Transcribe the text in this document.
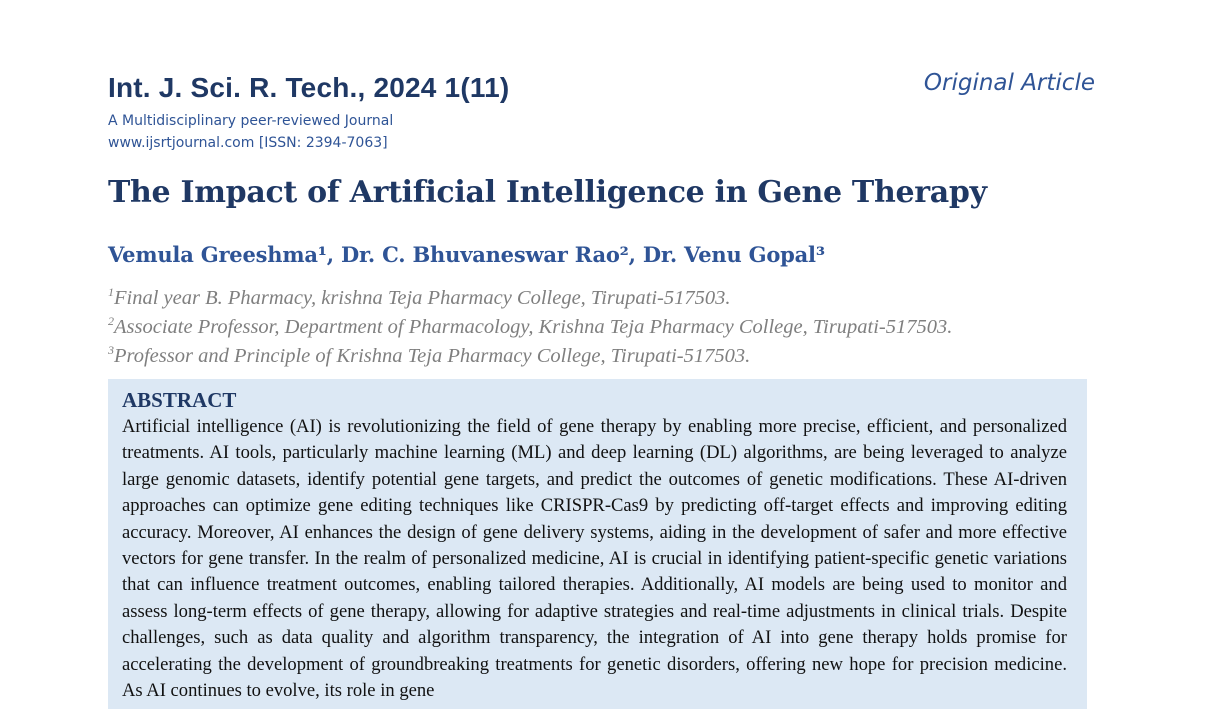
Int. J. Sci. R. Tech., 2024 1(11)	Original Article
A Multidisciplinary peer-reviewed Journal
www.ijsrtjournal.com [ISSN: 2394-7063]
The Impact of Artificial Intelligence in Gene Therapy
Vemula Greeshma¹, Dr. C. Bhuvaneswar Rao², Dr. Venu Gopal³
$^1$Final year B. Pharmacy, krishna Teja Pharmacy College, Tirupati-517503.
$^2$Associate Professor, Department of Pharmacology, Krishna Teja Pharmacy College, Tirupati-517503.
$^3$Professor and Principle of Krishna Teja Pharmacy College, Tirupati-517503.
ABSTRACT
Artificial intelligence (AI) is revolutionizing the field of gene therapy by enabling more precise, efficient, and personalized treatments. AI tools, particularly machine learning (ML) and deep learning (DL) algorithms, are being leveraged to analyze large genomic datasets, identify potential gene targets, and predict the outcomes of genetic modifications. These AI-driven approaches can optimize gene editing techniques like CRISPR-Cas9 by predicting off-target effects and improving editing accuracy. Moreover, AI enhances the design of gene delivery systems, aiding in the development of safer and more effective vectors for gene transfer. In the realm of personalized medicine, AI is crucial in identifying patient-specific genetic variations that can influence treatment outcomes, enabling tailored therapies. Additionally, AI models are being used to monitor and assess long-term effects of gene therapy, allowing for adaptive strategies and real-time adjustments in clinical trials. Despite challenges, such as data quality and algorithm transparency, the integration of AI into gene therapy holds promise for accelerating the development of groundbreaking treatments for genetic disorders, offering new hope for precision medicine. As AI continues to evolve, its role in gene
